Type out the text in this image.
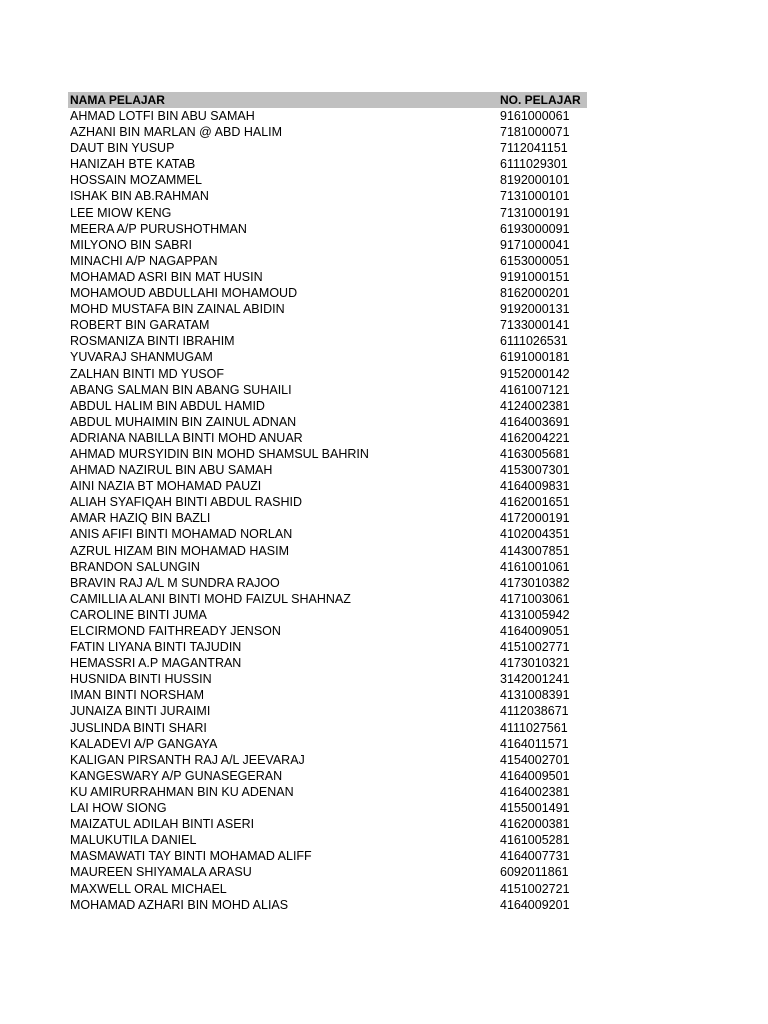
NAMA PELAJAR	NO. PELAJAR
AHMAD LOTFI BIN ABU SAMAH	9161000061
AZHANI BIN MARLAN @ ABD HALIM	7181000071
DAUT BIN YUSUP	7112041151
HANIZAH BTE KATAB	6111029301
HOSSAIN MOZAMMEL	8192000101
ISHAK BIN AB.RAHMAN	7131000101
LEE MIOW KENG	7131000191
MEERA A/P PURUSHOTHMAN	6193000091
MILYONO BIN SABRI	9171000041
MINACHI A/P NAGAPPAN	6153000051
MOHAMAD ASRI BIN MAT HUSIN	9191000151
MOHAMOUD ABDULLAHI MOHAMOUD	8162000201
MOHD MUSTAFA BIN ZAINAL ABIDIN	9192000131
ROBERT BIN GARATAM	7133000141
ROSMANIZA BINTI IBRAHIM	6111026531
YUVARAJ SHANMUGAM	6191000181
ZALHAN BINTI MD YUSOF	9152000142
ABANG SALMAN BIN ABANG SUHAILI	4161007121
ABDUL HALIM BIN ABDUL HAMID	4124002381
ABDUL MUHAIMIN BIN ZAINUL ADNAN	4164003691
ADRIANA NABILLA BINTI MOHD ANUAR	4162004221
AHMAD MURSYIDIN BIN MOHD SHAMSUL BAHRIN	4163005681
AHMAD NAZIRUL BIN ABU SAMAH	4153007301
AINI NAZIA BT MOHAMAD PAUZI	4164009831
ALIAH SYAFIQAH BINTI ABDUL RASHID	4162001651
AMAR HAZIQ BIN BAZLI	4172000191
ANIS AFIFI BINTI MOHAMAD NORLAN	4102004351
AZRUL HIZAM BIN MOHAMAD HASIM	4143007851
BRANDON SALUNGIN	4161001061
BRAVIN RAJ A/L M SUNDRA RAJOO	4173010382
CAMILLIA ALANI BINTI MOHD FAIZUL SHAHNAZ	4171003061
CAROLINE BINTI JUMA	4131005942
ELCIRMOND FAITHREADY JENSON	4164009051
FATIN LIYANA BINTI TAJUDIN	4151002771
HEMASSRI A.P MAGANTRAN	4173010321
HUSNIDA BINTI HUSSIN	3142001241
IMAN BINTI NORSHAM	4131008391
JUNAIZA BINTI JURAIMI	4112038671
JUSLINDA BINTI SHARI	4111027561
KALADEVI A/P GANGAYA	4164011571
KALIGAN PIRSANTH RAJ A/L JEEVARAJ	4154002701
KANGESWARY A/P GUNASEGERAN	4164009501
KU AMIRURRAHMAN BIN KU ADENAN	4164002381
LAI HOW SIONG	4155001491
MAIZATUL ADILAH BINTI ASERI	4162000381
MALUKUTILA DANIEL	4161005281
MASMAWATI TAY BINTI MOHAMAD ALIFF	4164007731
MAUREEN SHIYAMALA ARASU	6092011861
MAXWELL ORAL MICHAEL	4151002721
MOHAMAD AZHARI BIN MOHD ALIAS	4164009201
